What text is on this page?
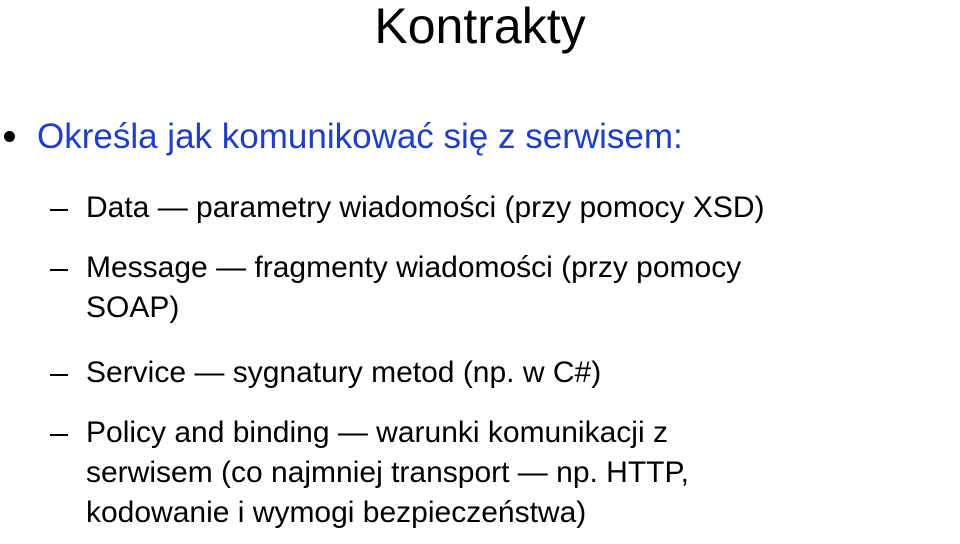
Kontrakty
Określa jak komunikować się z serwisem:
Data — parametry wiadomości (przy pomocy XSD)
Message — fragmenty wiadomości (przy pomocy
SOAP)
Service — sygnatury metod (np. w C#)
Policy and binding — warunki komunikacji z
serwisem (co najmniej transport — np. HTTP,
kodowanie i wymogi bezpieczeństwa)
